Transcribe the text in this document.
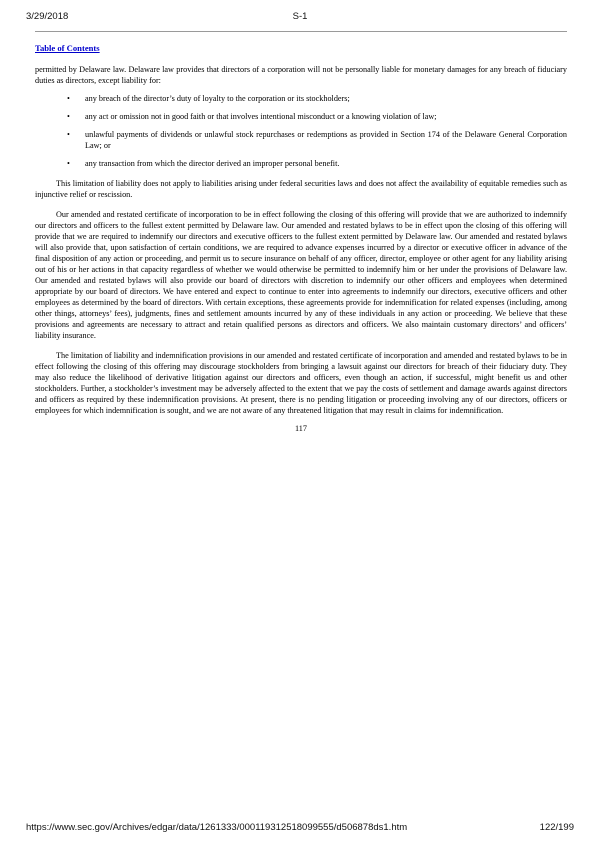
3/29/2018	S-1
Table of Contents

permitted by Delaware law. Delaware law provides that directors of a corporation will not be personally liable for monetary damages for any breach of fiduciary duties as directors, except liability for:

• any breach of the director’s duty of loyalty to the corporation or its stockholders;
• any act or omission not in good faith or that involves intentional misconduct or a knowing violation of law;
• unlawful payments of dividends or unlawful stock repurchases or redemptions as provided in Section 174 of the Delaware General Corporation Law; or
• any transaction from which the director derived an improper personal benefit.

This limitation of liability does not apply to liabilities arising under federal securities laws and does not affect the availability of equitable remedies such as injunctive relief or rescission.

Our amended and restated certificate of incorporation to be in effect following the closing of this offering will provide that we are authorized to indemnify our directors and officers to the fullest extent permitted by Delaware law. Our amended and restated bylaws to be in effect upon the closing of this offering will provide that we are required to indemnify our directors and executive officers to the fullest extent permitted by Delaware law. Our amended and restated bylaws will also provide that, upon satisfaction of certain conditions, we are required to advance expenses incurred by a director or executive officer in advance of the final disposition of any action or proceeding, and permit us to secure insurance on behalf of any officer, director, employee or other agent for any liability arising out of his or her actions in that capacity regardless of whether we would otherwise be permitted to indemnify him or her under the provisions of Delaware law. Our amended and restated bylaws will also provide our board of directors with discretion to indemnify our other officers and employees when determined appropriate by our board of directors. We have entered and expect to continue to enter into agreements to indemnify our directors, executive officers and other employees as determined by the board of directors. With certain exceptions, these agreements provide for indemnification for related expenses (including, among other things, attorneys’ fees), judgments, fines and settlement amounts incurred by any of these individuals in any action or proceeding. We believe that these provisions and agreements are necessary to attract and retain qualified persons as directors and officers. We also maintain customary directors’ and officers’ liability insurance.

The limitation of liability and indemnification provisions in our amended and restated certificate of incorporation and amended and restated bylaws to be in effect following the closing of this offering may discourage stockholders from bringing a lawsuit against our directors for breach of their fiduciary duty. They may also reduce the likelihood of derivative litigation against our directors and officers, even though an action, if successful, might benefit us and other stockholders. Further, a stockholder’s investment may be adversely affected to the extent that we pay the costs of settlement and damage awards against directors and officers as required by these indemnification provisions. At present, there is no pending litigation or proceeding involving any of our directors, officers or employees for which indemnification is sought, and we are not aware of any threatened litigation that may result in claims for indemnification.

117
https://www.sec.gov/Archives/edgar/data/1261333/000119312518099555/d506878ds1.htm	122/199
